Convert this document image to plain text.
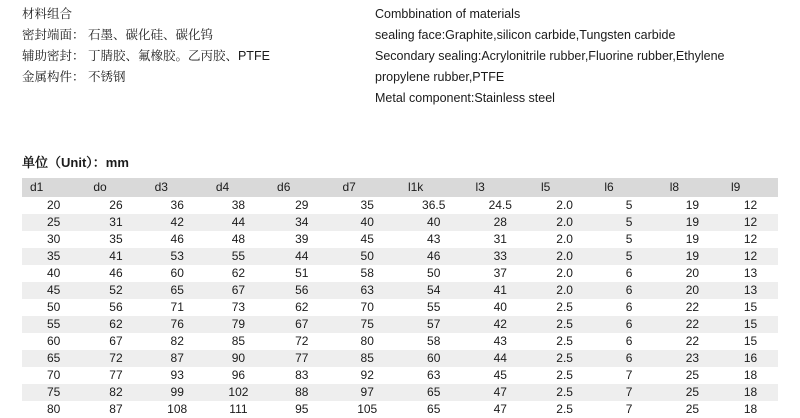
材料组合
密封端面： 石墨、碳化硅、碳化钨
辅助密封： 丁腈胶、氟橡胶。乙丙胶、PTFE
金属构件： 不锈钢
Combbination of materials
sealing face:Graphite,silicon carbide,Tungsten carbide
Secondary sealing:Acrylonitrile rubber,Fluorine rubber,Ethylene
propylene rubber,PTFE
Metal component:Stainless steel
单位（Unit）：mm
d1	do	d3	d4	d6	d7	l1k	l3	l5	l6	l8	l9
20	26	36	38	29	35	36.5	24.5	2.0	5	19	12
25	31	42	44	34	40	40	28	2.0	5	19	12
30	35	46	48	39	45	43	31	2.0	5	19	12
35	41	53	55	44	50	46	33	2.0	5	19	12
40	46	60	62	51	58	50	37	2.0	6	20	13
45	52	65	67	56	63	54	41	2.0	6	20	13
50	56	71	73	62	70	55	40	2.5	6	22	15
55	62	76	79	67	75	57	42	2.5	6	22	15
60	67	82	85	72	80	58	43	2.5	6	22	15
65	72	87	90	77	85	60	44	2.5	6	23	16
70	77	93	96	83	92	63	45	2.5	7	25	18
75	82	99	102	88	97	65	47	2.5	7	25	18
80	87	108	111	95	105	65	47	2.5	7	25	18
